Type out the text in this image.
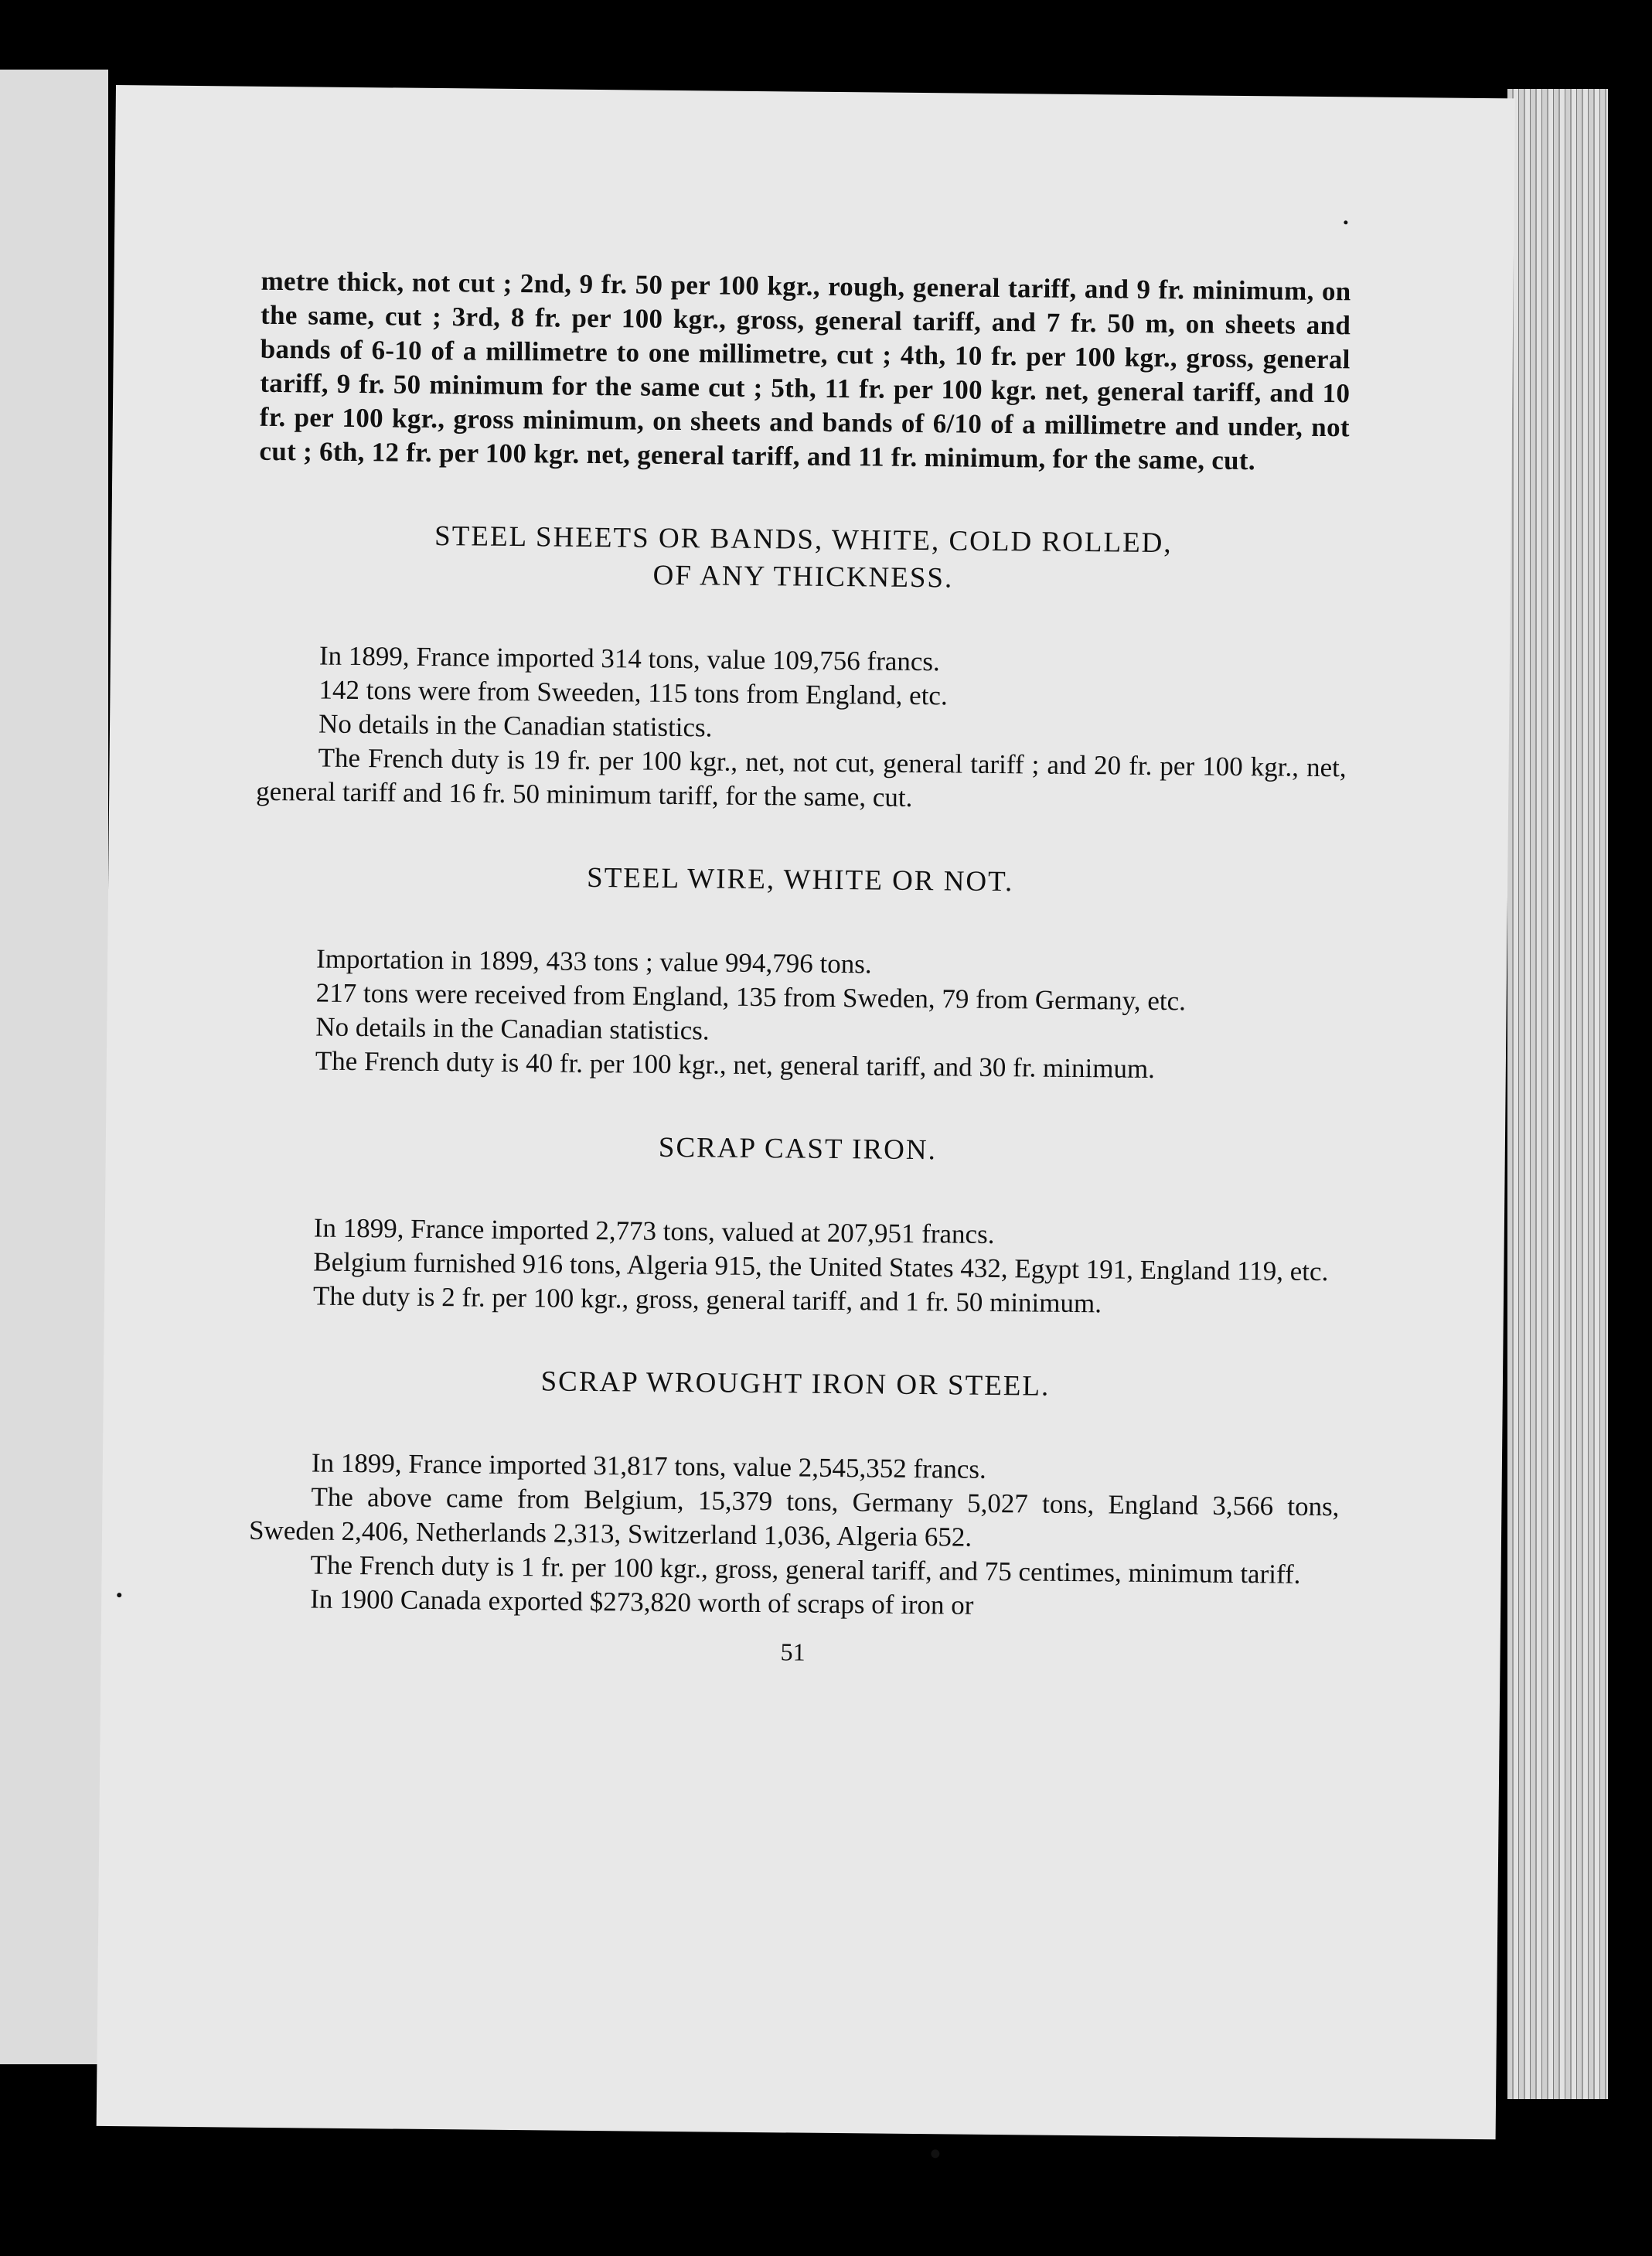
metre thick, not cut ; 2nd, 9 fr. 50 per 100 kgr., rough, general tariff, and 9 fr. minimum, on the same, cut ; 3rd, 8 fr. per 100 kgr., gross, general tariff, and 7 fr. 50 m, on sheets and bands of 6-10 of a millimetre to one millimetre, cut ; 4th, 10 fr. per 100 kgr., gross, general tariff, 9 fr. 50 minimum for the same cut ; 5th, 11 fr. per 100 kgr. net, general tariff, and 10 fr. per 100 kgr., gross minimum, on sheets and bands of 6/10 of a millimetre and under, not cut ; 6th, 12 fr. per 100 kgr. net, general tariff, and 11 fr. minimum, for the same, cut.

STEEL SHEETS OR BANDS, WHITE, COLD ROLLED,
OF ANY THICKNESS.

In 1899, France imported 314 tons, value 109,756 francs.

142 tons were from Sweeden, 115 tons from England, etc.

No details in the Canadian statistics.

The French duty is 19 fr. per 100 kgr., net, not cut, general tariff ; and 20 fr. per 100 kgr., net, general tariff and 16 fr. 50 minimum tariff, for the same, cut.

STEEL WIRE, WHITE OR NOT.

Importation in 1899, 433 tons ; value 994,796 tons.

217 tons were received from England, 135 from Sweden, 79 from Germany, etc.

No details in the Canadian statistics.

The French duty is 40 fr. per 100 kgr., net, general tariff, and 30 fr. minimum.

SCRAP CAST IRON.

In 1899, France imported 2,773 tons, valued at 207,951 francs.

Belgium furnished 916 tons, Algeria 915, the United States 432, Egypt 191, England 119, etc.

The duty is 2 fr. per 100 kgr., gross, general tariff, and 1 fr. 50 minimum.

SCRAP WROUGHT IRON OR STEEL.

In 1899, France imported 31,817 tons, value 2,545,352 francs.

The above came from Belgium, 15,379 tons, Germany 5,027 tons, England 3,566 tons, Sweden 2,406, Netherlands 2,313, Switzerland 1,036, Algeria 652.

The French duty is 1 fr. per 100 kgr., gross, general tariff, and 75 centimes, minimum tariff.

In 1900 Canada exported $273,820 worth of scraps of iron or

51
